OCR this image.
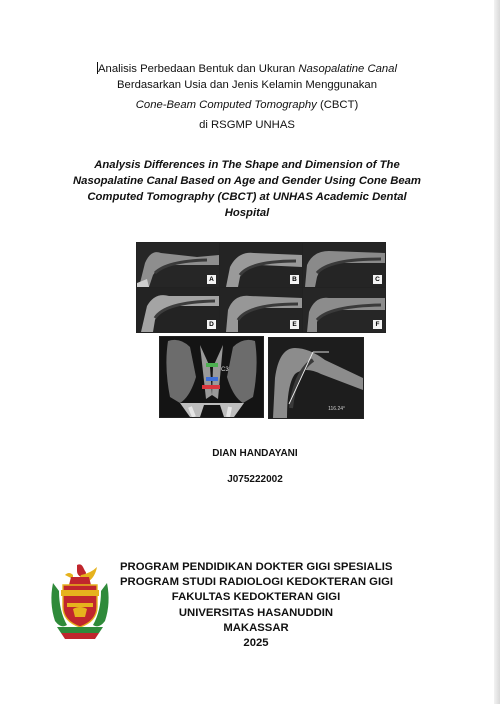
Analisis Perbedaan Bentuk dan Ukuran Nasopalatine Canal
Berdasarkan Usia dan Jenis Kelamin Menggunakan
Cone-Beam Computed Tomography (CBCT)
di RSGMP UNHAS
Analysis Differences in The Shape and Dimension of The
Nasopalatine Canal Based on Age and Gender Using Cone Beam
Computed Tomography (CBCT) at UNHAS Academic Dental
Hospital
A	B	C
D	E	F
C3
116.24°
DIAN HANDAYANI
J075222002
PROGRAM PENDIDIKAN DOKTER GIGI SPESIALIS
PROGRAM STUDI RADIOLOGI KEDOKTERAN GIGI
FAKULTAS KEDOKTERAN GIGI
UNIVERSITAS HASANUDDIN
MAKASSAR
2025
